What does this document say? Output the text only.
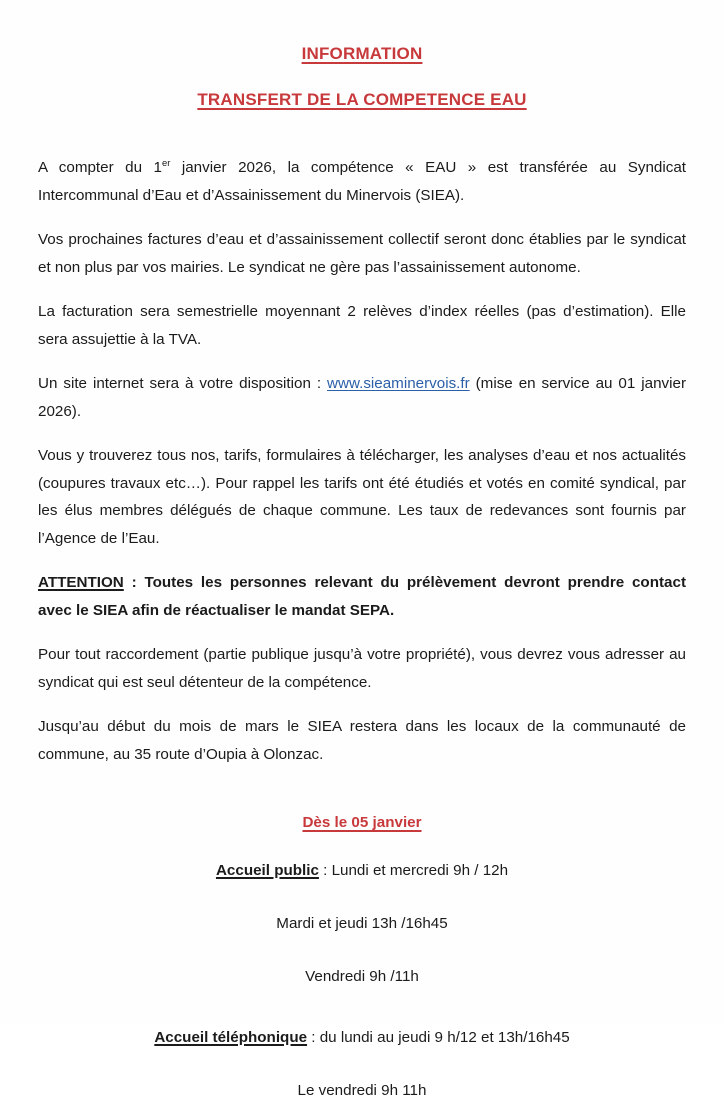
INFORMATION
TRANSFERT DE LA COMPETENCE EAU

A compter du 1er janvier 2026, la compétence « EAU » est transférée au Syndicat Intercommunal d’Eau et d’Assainissement du Minervois (SIEA).

Vos prochaines factures d’eau et d’assainissement collectif seront donc établies par le syndicat et non plus par vos mairies. Le syndicat ne gère pas l’assainissement autonome.

La facturation sera semestrielle moyennant 2 relèves d’index réelles (pas d’estimation). Elle sera assujettie à la TVA.

Un site internet sera à votre disposition : www.sieaminervois.fr (mise en service au 01 janvier 2026).

Vous y trouverez tous nos, tarifs, formulaires à télécharger, les analyses d’eau et nos actualités (coupures travaux etc…). Pour rappel les tarifs ont été étudiés et votés en comité syndical, par les élus membres délégués de chaque commune. Les taux de redevances sont fournis par l’Agence de l’Eau.

ATTENTION : Toutes les personnes relevant du prélèvement devront prendre contact avec le SIEA afin de réactualiser le mandat SEPA.

Pour tout raccordement (partie publique jusqu’à votre propriété), vous devrez vous adresser au syndicat qui est seul détenteur de la compétence.

Jusqu’au début du mois de mars le SIEA restera dans les locaux de la communauté de commune, au 35 route d’Oupia à Olonzac.

Dès le 05 janvier

Accueil public : Lundi et mercredi 9h / 12h

Mardi et jeudi 13h /16h45

Vendredi 9h /11h

Accueil téléphonique : du lundi au jeudi 9 h/12 et 13h/16h45

Le vendredi 9h 11h
